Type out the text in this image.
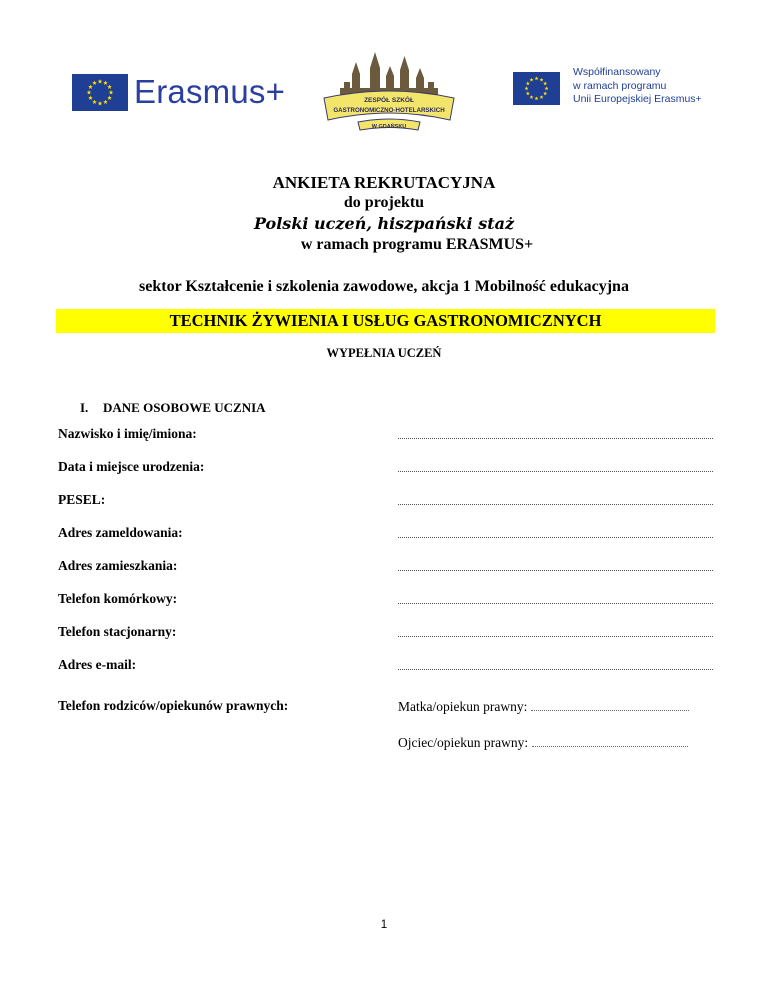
Erasmus+	ZESPÓŁ SZKÓŁ
GASTRONOMICZNO-HOTELARSKICH
W GDAŃSKU
Współfinansowany
w ramach programu
Unii Europejskiej Erasmus+
ANKIETA REKRUTACYJNA
do projektu
Polski uczeń, hiszpański staż
w ramach programu ERASMUS+
sektor Kształcenie i szkolenia zawodowe, akcja 1 Mobilność edukacyjna
TECHNIK ŻYWIENIA I USŁUG GASTRONOMICZNYCH
WYPEŁNIA UCZEŃ
I. DANE OSOBOWE UCZNIA
Nazwisko i imię/imiona:
Data i miejsce urodzenia:
PESEL:
Adres zameldowania:
Adres zamieszkania:
Telefon komórkowy:
Telefon stacjonarny:
Adres e-mail:
Telefon rodziców/opiekunów prawnych:	Matka/opiekun prawny:
Ojciec/opiekun prawny:
1
